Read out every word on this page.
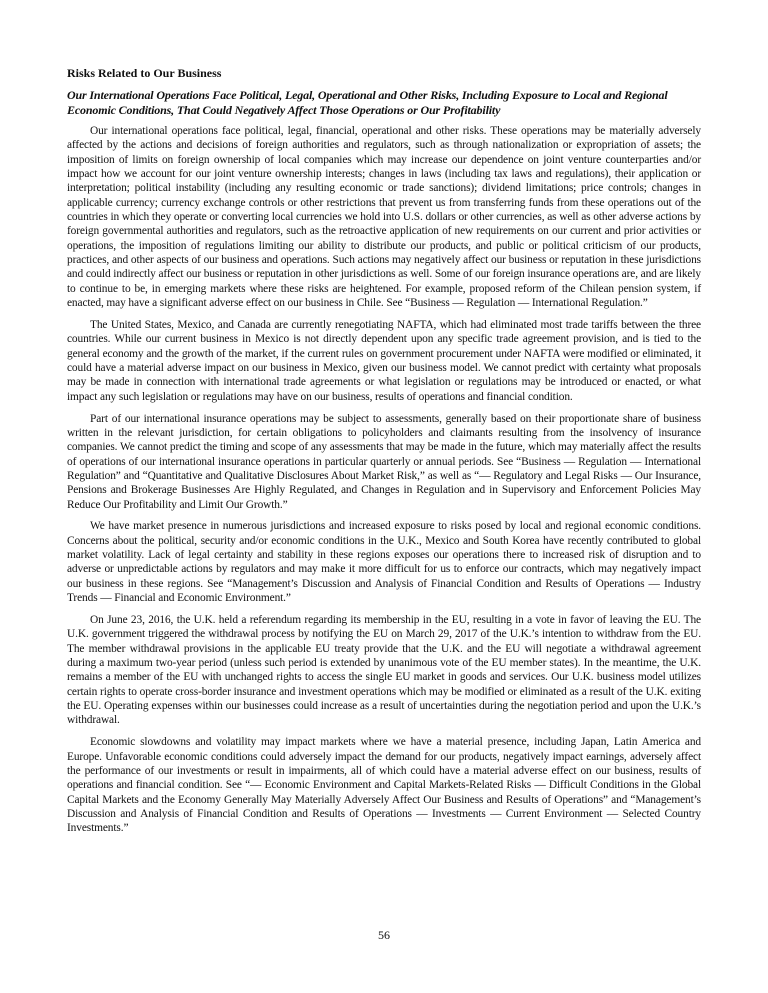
Risks Related to Our Business
Our International Operations Face Political, Legal, Operational and Other Risks, Including Exposure to Local and Regional Economic Conditions, That Could Negatively Affect Those Operations or Our Profitability

Our international operations face political, legal, financial, operational and other risks. These operations may be materially adversely affected by the actions and decisions of foreign authorities and regulators, such as through nationalization or expropriation of assets; the imposition of limits on foreign ownership of local companies which may increase our dependence on joint venture counterparties and/or impact how we account for our joint venture ownership interests; changes in laws (including tax laws and regulations), their application or interpretation; political instability (including any resulting economic or trade sanctions); dividend limitations; price controls; changes in applicable currency; currency exchange controls or other restrictions that prevent us from transferring funds from these operations out of the countries in which they operate or converting local currencies we hold into U.S. dollars or other currencies, as well as other adverse actions by foreign governmental authorities and regulators, such as the retroactive application of new requirements on our current and prior activities or operations, the imposition of regulations limiting our ability to distribute our products, and public or political criticism of our products, practices, and other aspects of our business and operations. Such actions may negatively affect our business or reputation in these jurisdictions and could indirectly affect our business or reputation in other jurisdictions as well. Some of our foreign insurance operations are, and are likely to continue to be, in emerging markets where these risks are heightened. For example, proposed reform of the Chilean pension system, if enacted, may have a significant adverse effect on our business in Chile. See “Business — Regulation — International Regulation.”

The United States, Mexico, and Canada are currently renegotiating NAFTA, which had eliminated most trade tariffs between the three countries. While our current business in Mexico is not directly dependent upon any specific trade agreement provision, and is tied to the general economy and the growth of the market, if the current rules on government procurement under NAFTA were modified or eliminated, it could have a material adverse impact on our business in Mexico, given our business model. We cannot predict with certainty what proposals may be made in connection with international trade agreements or what legislation or regulations may be introduced or enacted, or what impact any such legislation or regulations may have on our business, results of operations and financial condition.

Part of our international insurance operations may be subject to assessments, generally based on their proportionate share of business written in the relevant jurisdiction, for certain obligations to policyholders and claimants resulting from the insolvency of insurance companies. We cannot predict the timing and scope of any assessments that may be made in the future, which may materially affect the results of operations of our international insurance operations in particular quarterly or annual periods. See “Business — Regulation — International Regulation” and “Quantitative and Qualitative Disclosures About Market Risk,” as well as “— Regulatory and Legal Risks — Our Insurance, Pensions and Brokerage Businesses Are Highly Regulated, and Changes in Regulation and in Supervisory and Enforcement Policies May Reduce Our Profitability and Limit Our Growth.”

We have market presence in numerous jurisdictions and increased exposure to risks posed by local and regional economic conditions. Concerns about the political, security and/or economic conditions in the U.K., Mexico and South Korea have recently contributed to global market volatility. Lack of legal certainty and stability in these regions exposes our operations there to increased risk of disruption and to adverse or unpredictable actions by regulators and may make it more difficult for us to enforce our contracts, which may negatively impact our business in these regions. See “Management’s Discussion and Analysis of Financial Condition and Results of Operations — Industry Trends — Financial and Economic Environment.”

On June 23, 2016, the U.K. held a referendum regarding its membership in the EU, resulting in a vote in favor of leaving the EU. The U.K. government triggered the withdrawal process by notifying the EU on March 29, 2017 of the U.K.’s intention to withdraw from the EU. The member withdrawal provisions in the applicable EU treaty provide that the U.K. and the EU will negotiate a withdrawal agreement during a maximum two-year period (unless such period is extended by unanimous vote of the EU member states). In the meantime, the U.K. remains a member of the EU with unchanged rights to access the single EU market in goods and services. Our U.K. business model utilizes certain rights to operate cross-border insurance and investment operations which may be modified or eliminated as a result of the U.K. exiting the EU. Operating expenses within our businesses could increase as a result of uncertainties during the negotiation period and upon the U.K.’s withdrawal.

Economic slowdowns and volatility may impact markets where we have a material presence, including Japan, Latin America and Europe. Unfavorable economic conditions could adversely impact the demand for our products, negatively impact earnings, adversely affect the performance of our investments or result in impairments, all of which could have a material adverse effect on our business, results of operations and financial condition. See “— Economic Environment and Capital Markets-Related Risks — Difficult Conditions in the Global Capital Markets and the Economy Generally May Materially Adversely Affect Our Business and Results of Operations” and “Management’s Discussion and Analysis of Financial Condition and Results of Operations — Investments — Current Environment — Selected Country Investments.”

56
